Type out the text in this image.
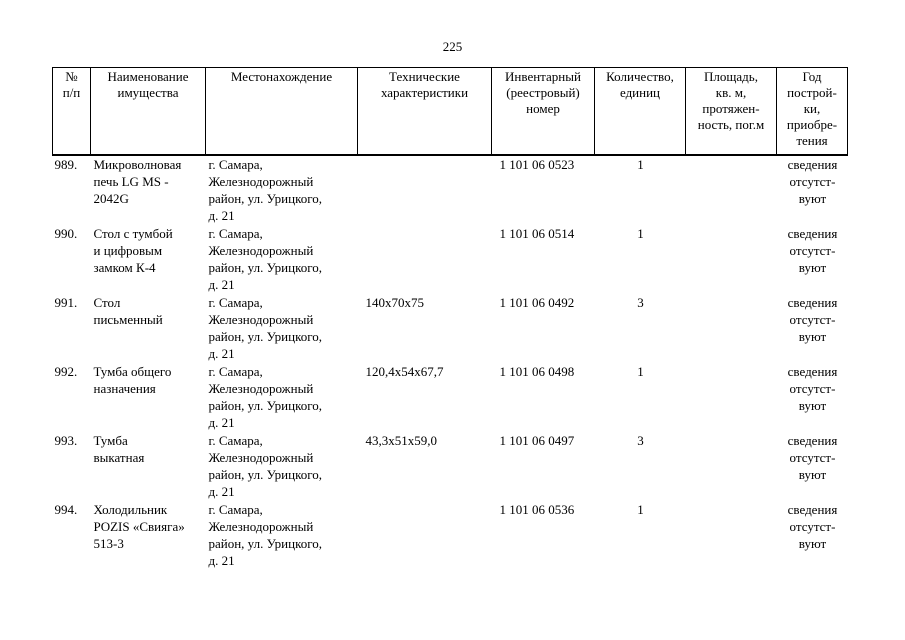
225
№
п/п	Наименование
имущества	Местонахождение	Технические
характеристики	Инвентарный
(реестровый)
номер	Количество,
единиц	Площадь,
кв. м,
протяжен-
ность, пог.м	Год
построй-
ки,
приобре-
тения
989.	Микроволновая
печь LG MS -
2042G	г. Самара,
Железнодорожный
район, ул. Урицкого,
д. 21		1 101 06 0523	1		сведения
отсутст-
вуют
990.	Стол с тумбой
и цифровым
замком К-4	г. Самара,
Железнодорожный
район, ул. Урицкого,
д. 21		1 101 06 0514	1		сведения
отсутст-
вуют
991.	Стол
письменный	г. Самара,
Железнодорожный
район, ул. Урицкого,
д. 21	140х70х75	1 101 06 0492	3		сведения
отсутст-
вуют
992.	Тумба общего
назначения	г. Самара,
Железнодорожный
район, ул. Урицкого,
д. 21	120,4х54х67,7	1 101 06 0498	1		сведения
отсутст-
вуют
993.	Тумба
выкатная	г. Самара,
Железнодорожный
район, ул. Урицкого,
д. 21	43,3х51х59,0	1 101 06 0497	3		сведения
отсутст-
вуют
994.	Холодильник
POZIS «Свияга»
513-3	г. Самара,
Железнодорожный
район, ул. Урицкого,
д. 21		1 101 06 0536	1		сведения
отсутст-
вуют
